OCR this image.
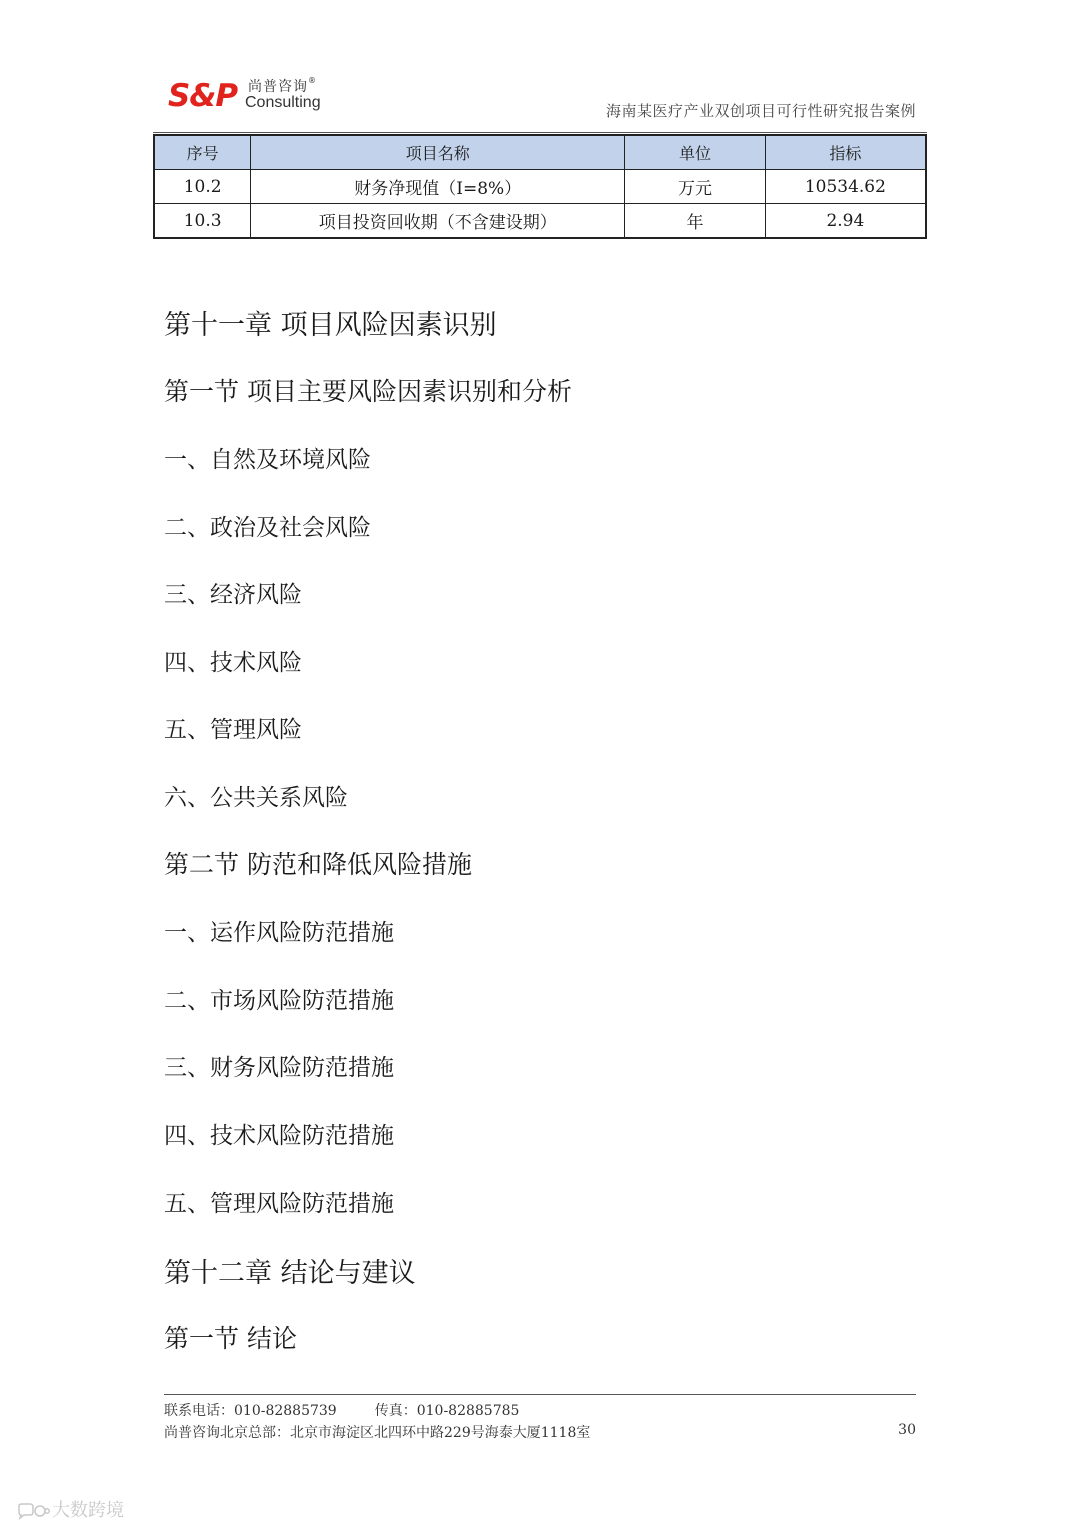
S&P 尚普咨询®
Consulting	海南某医疗产业双创项目可行性研究报告案例
序号	项目名称	单位	指标
10.2	财务净现值（I=8%）	万元	10534.62
10.3	项目投资回收期（不含建设期）	年	2.94
第十一章 项目风险因素识别
第一节 项目主要风险因素识别和分析
一、自然及环境风险
二、政治及社会风险
三、经济风险
四、技术风险
五、管理风险
六、公共关系风险
第二节 防范和降低风险措施
一、运作风险防范措施
二、市场风险防范措施
三、财务风险防范措施
四、技术风险防范措施
五、管理风险防范措施
第十二章 结论与建议
第一节 结论
联系电话：010-82885739	传真：010-82885785
尚普咨询北京总部：北京市海淀区北四环中路229号海泰大厦1118室	30
大数跨境
